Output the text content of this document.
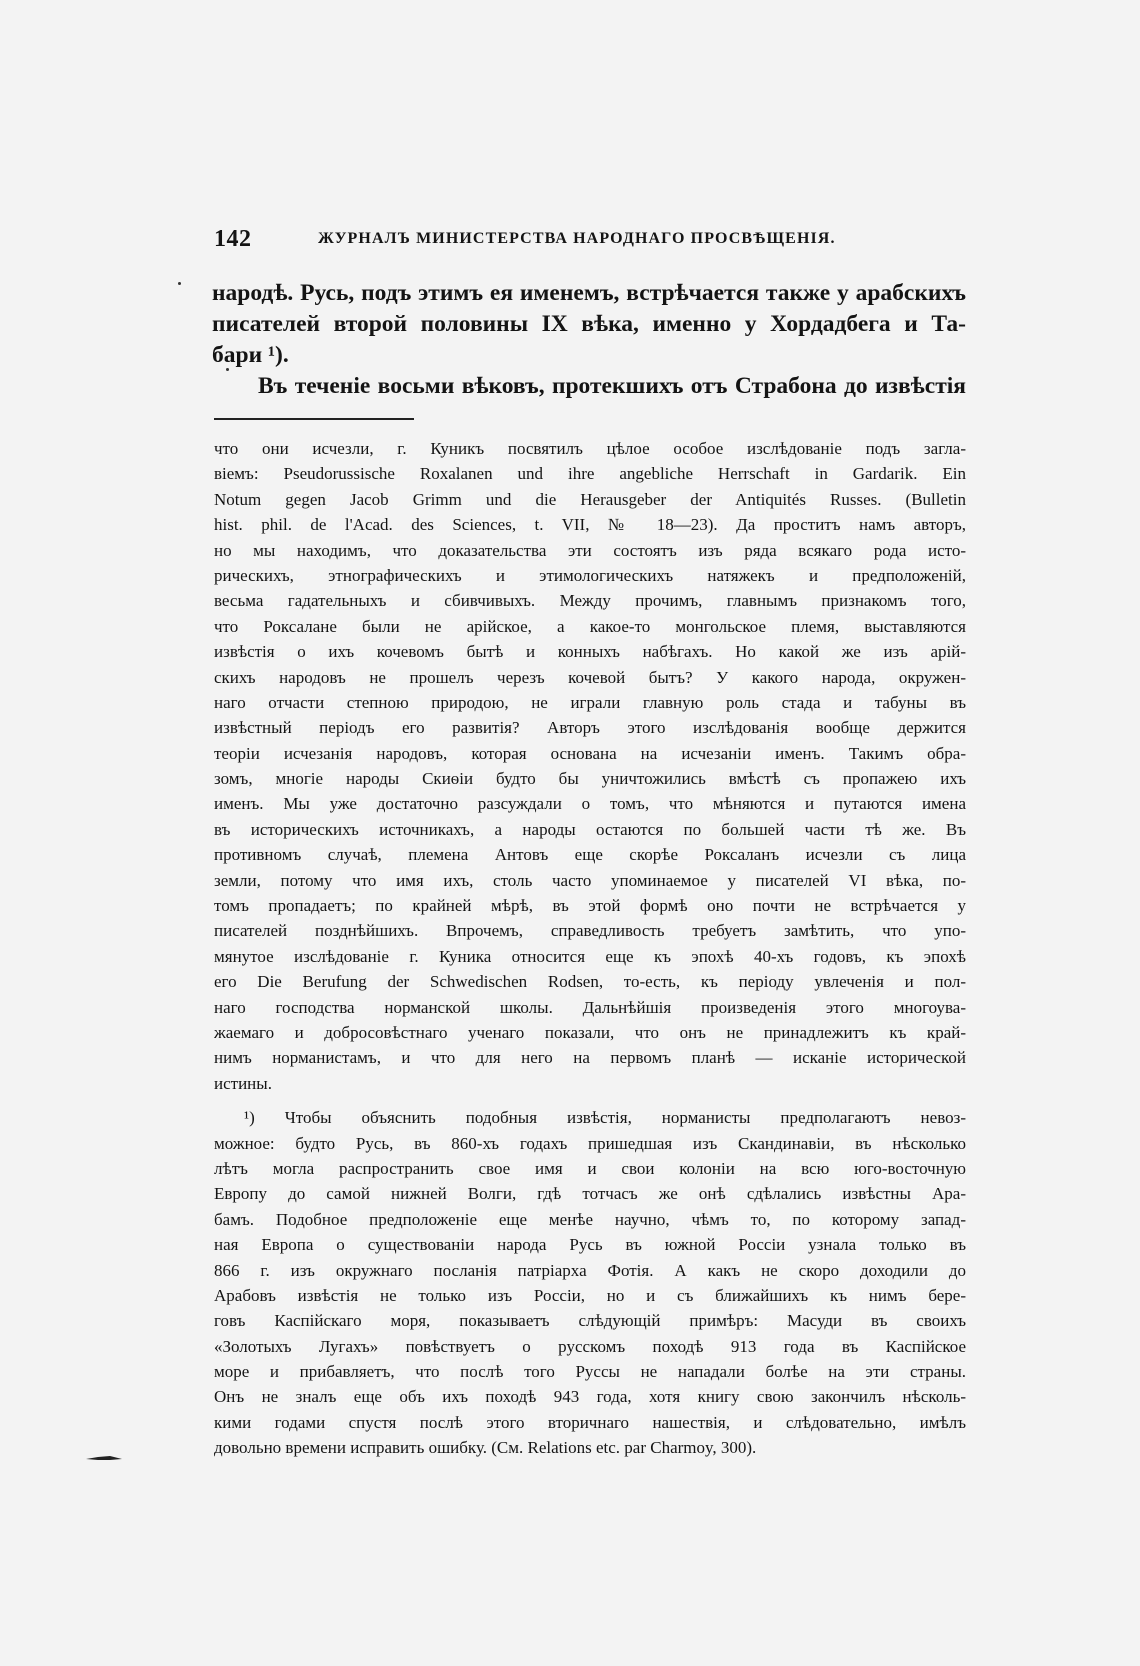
142	ЖУРНАЛЪ МИНИСТЕРСТВА НАРОДНАГО ПРОСВѢЩЕНІЯ.
народѣ. Русь, подъ этимъ ея именемъ, встрѣчается также у арабскихъ
писателей второй половины IX вѣка, именно у Хордадбега и Та-
бари ¹).
Въ теченіе восьми вѣковъ, протекшихъ отъ Страбона до извѣстія
что они исчезли, г. Куникъ посвятилъ цѣлое особое изслѣдованіе подъ загла-
віемъ: Pseudorussische Roxalanen und ihre angebliche Herrschaft in Gardarik. Ein
Notum gegen Jacob Grimm und die Herausgeber der Antiquités Russes. (Bulletin
hist. phil. de l'Acad. des Sciences, t. VII, № 18—23). Да проститъ намъ авторъ,
но мы находимъ, что доказательства эти состоятъ изъ ряда всякаго рода исто-
рическихъ, этнографическихъ и этимологическихъ натяжекъ и предположеній,
весьма гадательныхъ и сбивчивыхъ. Между прочимъ, главнымъ признакомъ того,
что Роксалане были не арійское, а какое-то монгольское племя, выставляются
извѣстія о ихъ кочевомъ бытѣ и конныхъ набѣгахъ. Но какой же изъ арій-
скихъ народовъ не прошелъ черезъ кочевой бытъ? У какого народа, окружен-
наго отчасти степною природою, не играли главную роль стада и табуны въ
извѣстный періодъ его развитія? Авторъ этого изслѣдованія вообще держится
теоріи исчезанія народовъ, которая основана на исчезаніи именъ. Такимъ обра-
зомъ, многіе народы Скиѳіи будто бы уничтожились вмѣстѣ съ пропажею ихъ
именъ. Мы уже достаточно разсуждали о томъ, что мѣняются и путаются имена
въ историческихъ источникахъ, а народы остаются по большей части тѣ же. Въ
противномъ случаѣ, племена Антовъ еще скорѣе Роксаланъ исчезли съ лица
земли, потому что имя ихъ, столь часто упоминаемое у писателей VI вѣка, по-
томъ пропадаетъ; по крайней мѣрѣ, въ этой формѣ оно почти не встрѣчается у
писателей позднѣйшихъ. Впрочемъ, справедливость требуетъ замѣтить, что упо-
мянутое изслѣдованіе г. Куника относится еще къ эпохѣ 40-хъ годовъ, къ эпохѣ
его Die Berufung der Schwedischen Rodsen, то-есть, къ періоду увлеченія и пол-
наго господства норманской школы. Дальнѣйшія произведенія этого многоува-
жаемаго и добросовѣстнаго ученаго показали, что онъ не принадлежитъ къ край-
нимъ норманистамъ, и что для него на первомъ планѣ — исканіе исторической
истины.
¹) Чтобы объяснить подобныя извѣстія, норманисты предполагаютъ невоз-
можное: будто Русь, въ 860-хъ годахъ пришедшая изъ Скандинавіи, въ нѣсколько
лѣтъ могла распространить свое имя и свои колоніи на всю юго-восточную
Европу до самой нижней Волги, гдѣ тотчасъ же онѣ сдѣлались извѣстны Ара-
бамъ. Подобное предположеніе еще менѣе научно, чѣмъ то, по которому запад-
ная Европа о существованіи народа Русь въ южной Россіи узнала только въ
866 г. изъ окружнаго посланія патріарха Фотія. А какъ не скоро доходили до
Арабовъ извѣстія не только изъ Россіи, но и съ ближайшихъ къ нимъ бере-
говъ Каспійскаго моря, показываетъ слѣдующій примѣръ: Масуди въ своихъ
«Золотыхъ Лугахъ» повѣствуетъ о русскомъ походѣ 913 года въ Каспійское
море и прибавляетъ, что послѣ того Руссы не нападали болѣе на эти страны.
Онъ не зналъ еще объ ихъ походѣ 943 года, хотя книгу свою закончилъ нѣсколь-
кими годами спустя послѣ этого вторичнаго нашествія, и слѣдовательно, имѣлъ
довольно времени исправить ошибку. (См. Relations etc. par Charmoy, 300).
